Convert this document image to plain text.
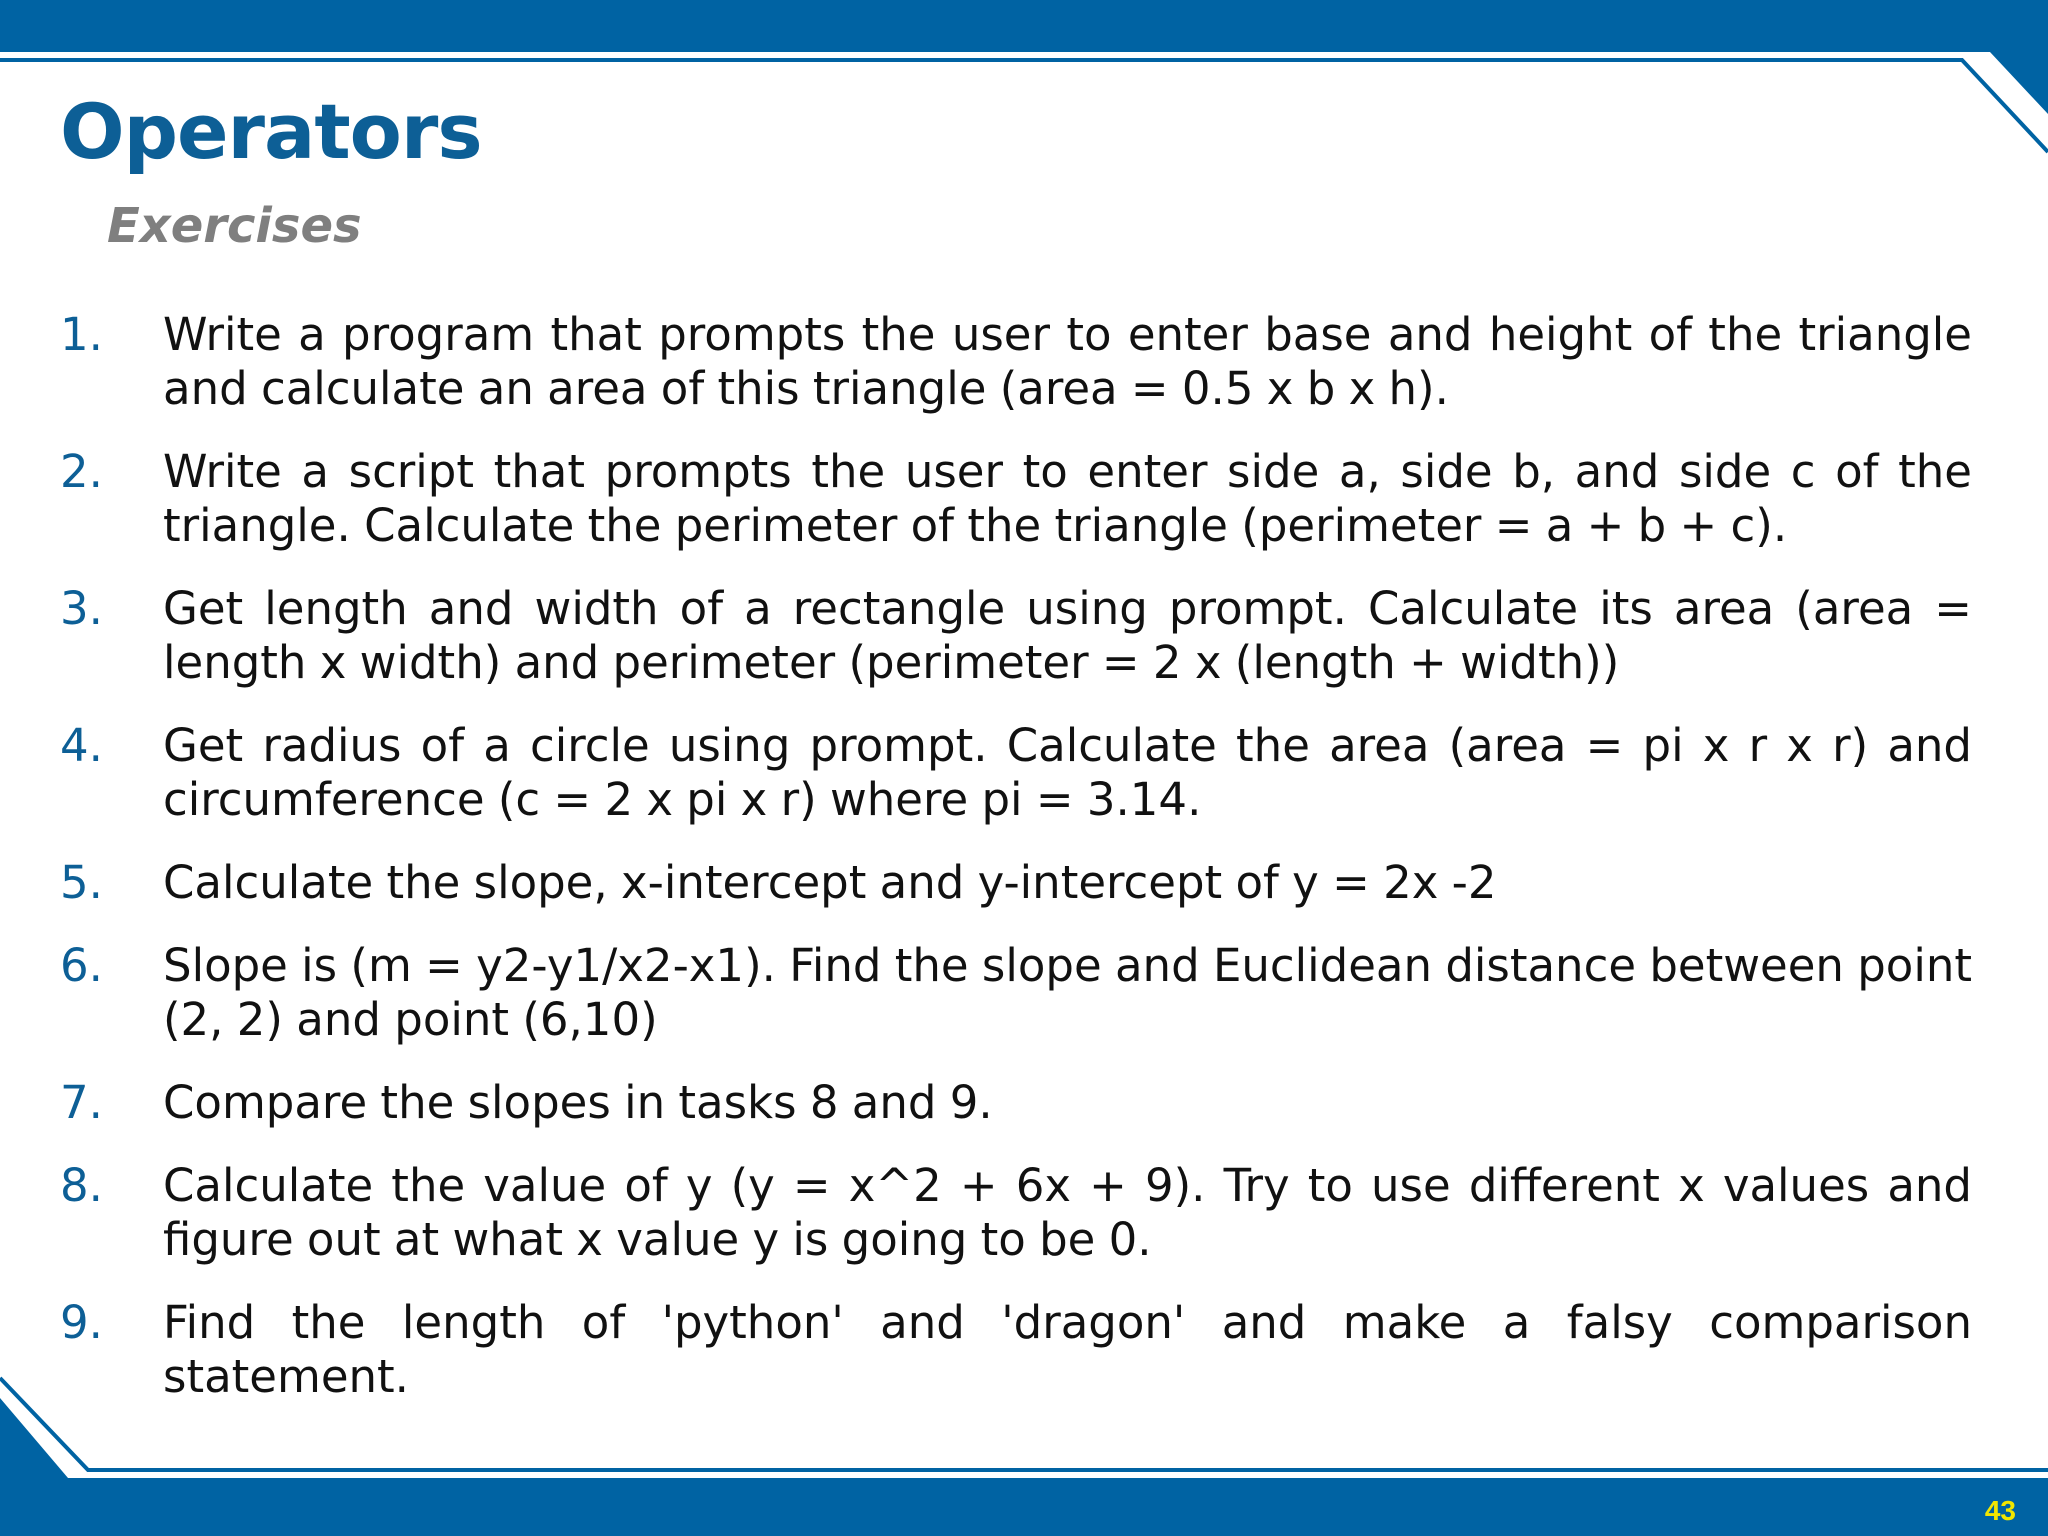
Operators
Exercises
1.	Write a program that prompts the user to enter base and height of the triangle and calculate an area of this triangle (area = 0.5 x b x h).
2.	Write a script that prompts the user to enter side a, side b, and side c of the triangle. Calculate the perimeter of the triangle (perimeter = a + b + c).
3.	Get length and width of a rectangle using prompt. Calculate its area (area = length x width) and perimeter (perimeter = 2 x (length + width))
4.	Get radius of a circle using prompt. Calculate the area (area = pi x r x r) and circumference (c = 2 x pi x r) where pi = 3.14.
5.	Calculate the slope, x-intercept and y-intercept of y = 2x -2
6.	Slope is (m = y2-y1/x2-x1). Find the slope and Euclidean distance between point (2, 2) and point (6,10)
7.	Compare the slopes in tasks 8 and 9.
8.	Calculate the value of y (y = x^2 + 6x + 9). Try to use different x values and figure out at what x value y is going to be 0.
9.	Find the length of 'python' and 'dragon' and make a falsy comparison statement.
43
